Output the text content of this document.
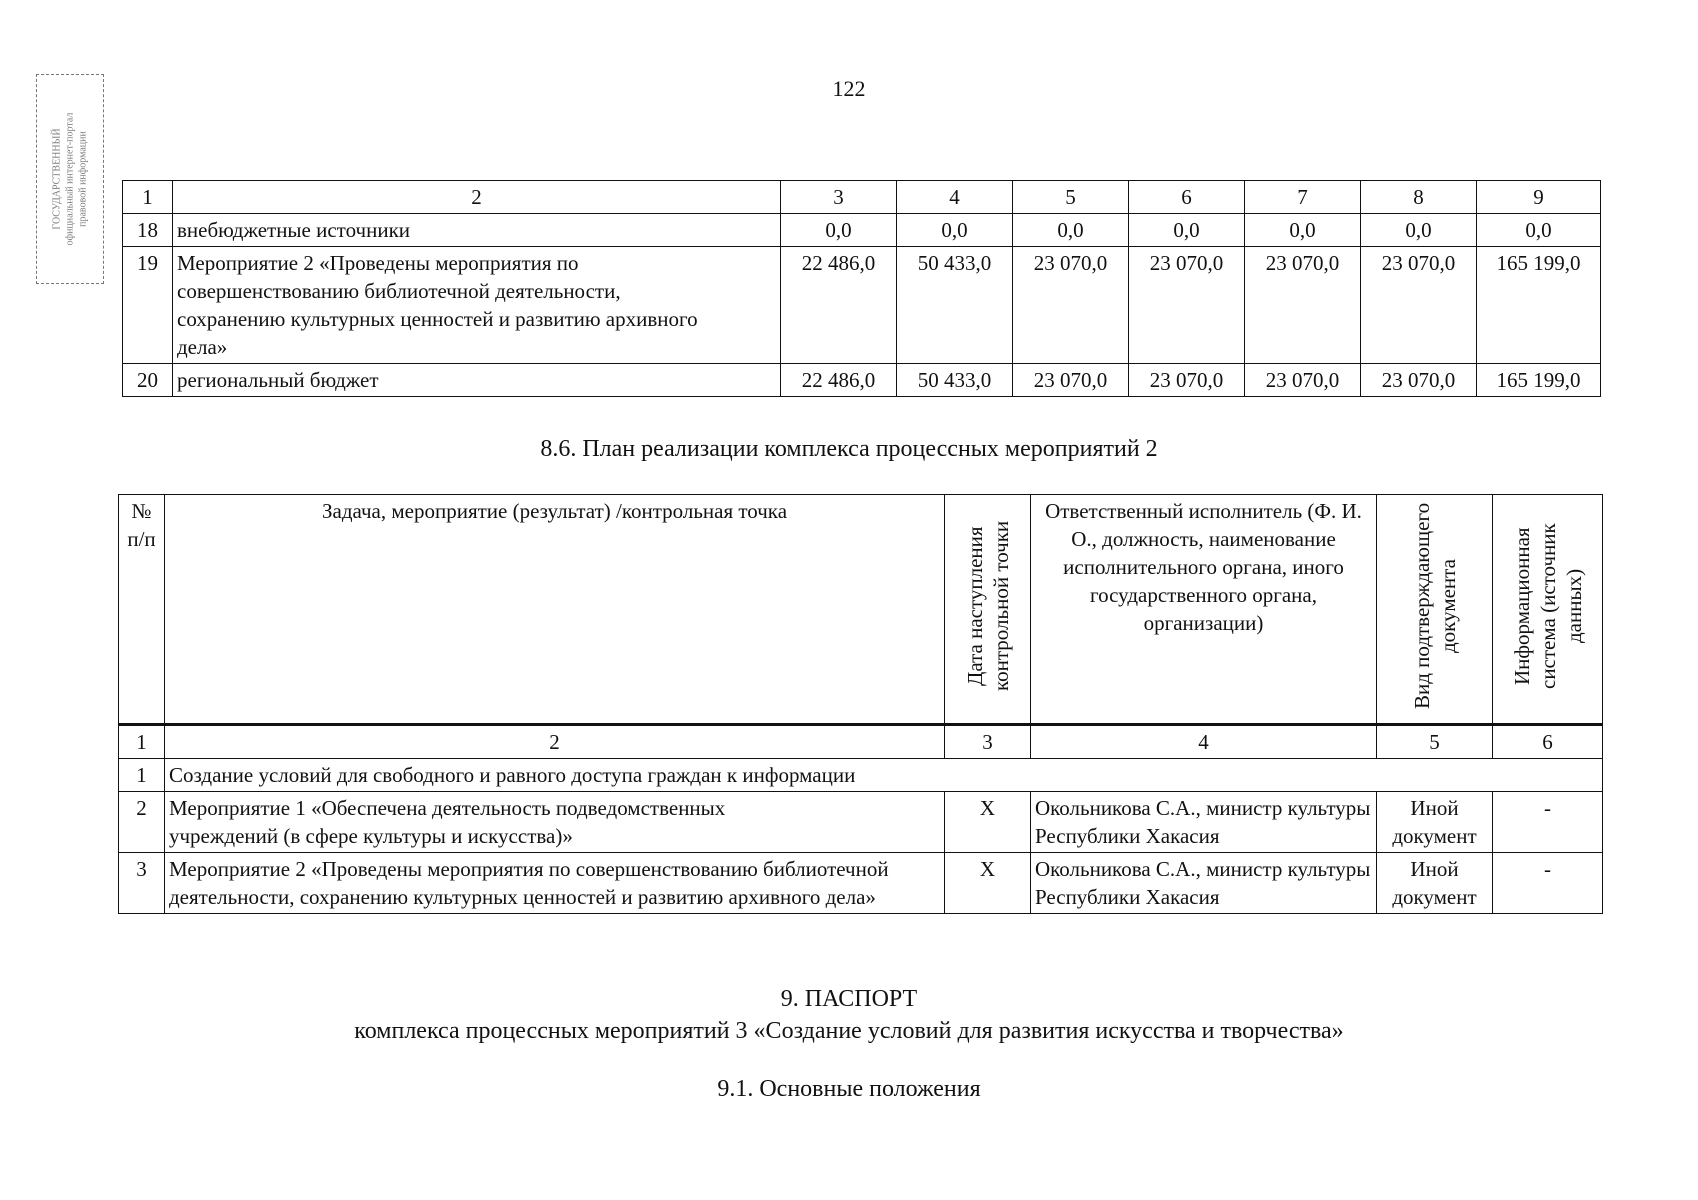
ГОСУДАРСТВЕННЫЙ официальный интернет-портал правовой информации
122
1	2	3	4	5	6	7	8	9
18	внебюджетные источники	0,0	0,0	0,0	0,0	0,0	0,0	0,0
19	Мероприятие 2 «Проведены мероприятия по совершенствованию библиотечной деятельности, сохранению культурных ценностей и развитию архивного дела»	22 486,0	50 433,0	23 070,0	23 070,0	23 070,0	23 070,0	165 199,0
20	региональный бюджет	22 486,0	50 433,0	23 070,0	23 070,0	23 070,0	23 070,0	165 199,0
8.6. План реализации комплекса процессных мероприятий 2
№ п/п	Задача, мероприятие (результат) /контрольная точка	Дата наступления контрольной точки	Ответственный исполнитель (Ф. И. О., должность, наименование исполнительного органа, иного государственного органа, организации)	Вид подтверждающего документа	Информационная система (источник данных)
1	2	3	4	5	6
1	Создание условий для свободного и равного доступа граждан к информации				
2	Мероприятие 1 «Обеспечена деятельность подведомственных учреждений (в сфере культуры и искусства)»	X	Окольникова С.А., министр культуры Республики Хакасия	Иной документ	-
3	Мероприятие 2 «Проведены мероприятия по совершенствованию библиотечной деятельности, сохранению культурных ценностей и развитию архивного дела»	X	Окольникова С.А., министр культуры Республики Хакасия	Иной документ	-
9. ПАСПОРТ
комплекса процессных мероприятий 3 «Создание условий для развития искусства и творчества»
9.1. Основные положения
